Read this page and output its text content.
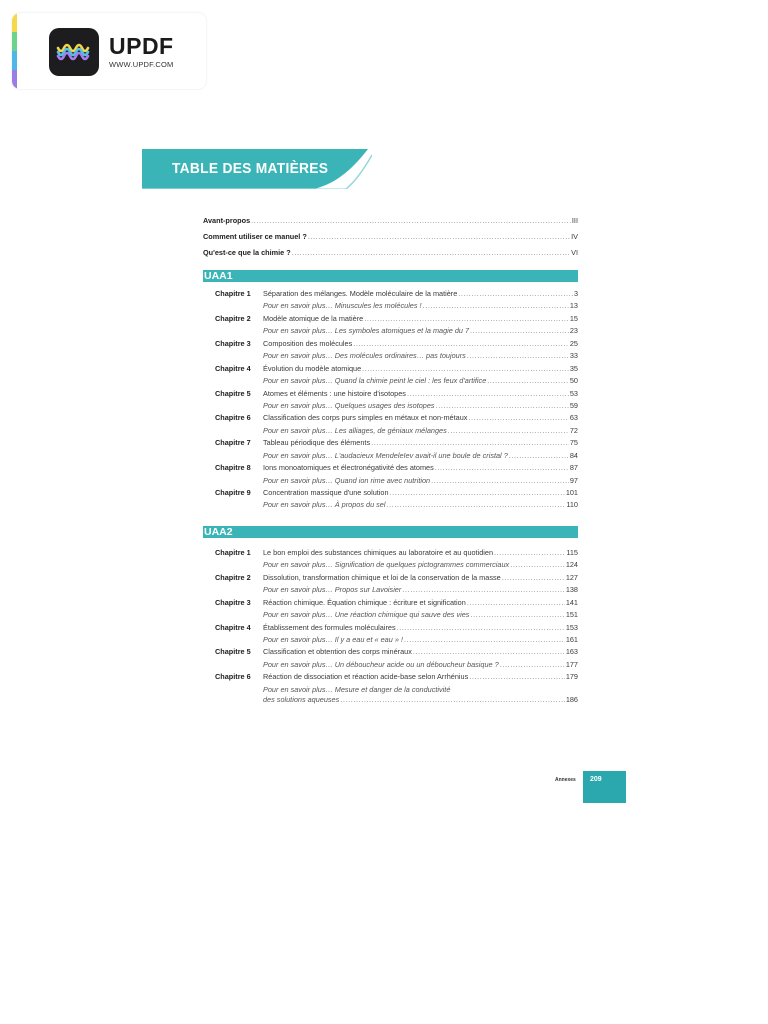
UPDF
WWW.UPDF.COM
TABLE DES MATIÈRES
Avant-propos .....	III
Comment utiliser ce manuel ? .....	IV
Qu'est-ce que la chimie ? .....	VI
UAA1
Chapitre 1	Séparation des mélanges. Modèle moléculaire de la matière .....	3
Pour en savoir plus… Minuscules les molécules ! .....	13
Chapitre 2	Modèle atomique de la matière .....	15
Pour en savoir plus… Les symboles atomiques et la magie du 7 .....	23
Chapitre 3	Composition des molécules .....	25
Pour en savoir plus… Des molécules ordinaires… pas toujours .....	33
Chapitre 4	Évolution du modèle atomique .....	35
Pour en savoir plus… Quand la chimie peint le ciel : les feux d'artifice .....	50
Chapitre 5	Atomes et éléments : une histoire d'isotopes .....	53
Pour en savoir plus… Quelques usages des isotopes .....	59
Chapitre 6	Classification des corps purs simples en métaux et non-métaux .....	63
Pour en savoir plus… Les alliages, de géniaux mélanges .....	72
Chapitre 7	Tableau périodique des éléments .....	75
Pour en savoir plus… L'audacieux Mendeleïev avait-il une boule de cristal ? .....	84
Chapitre 8	Ions monoatomiques et électronégativité des atomes .....	87
Pour en savoir plus… Quand ion rime avec nutrition .....	97
Chapitre 9	Concentration massique d'une solution .....	101
Pour en savoir plus… À propos du sel .....	110
UAA2
Chapitre 1	Le bon emploi des substances chimiques au laboratoire et au quotidien .....	115
Pour en savoir plus… Signification de quelques pictogrammes commerciaux .....	124
Chapitre 2	Dissolution, transformation chimique et loi de la conservation de la masse .....	127
Pour en savoir plus… Propos sur Lavoisier .....	138
Chapitre 3	Réaction chimique. Équation chimique : écriture et signification .....	141
Pour en savoir plus… Une réaction chimique qui sauve des vies .....	151
Chapitre 4	Établissement des formules moléculaires .....	153
Pour en savoir plus… Il y a eau et « eau » ! .....	161
Chapitre 5	Classification et obtention des corps minéraux .....	163
Pour en savoir plus… Un déboucheur acide ou un déboucheur basique ? .....	177
Chapitre 6	Réaction de dissociation et réaction acide-base selon Arrhénius .....	179
Pour en savoir plus… Mesure et danger de la conductivité
des solutions aqueuses .....	186
Annexes 209
